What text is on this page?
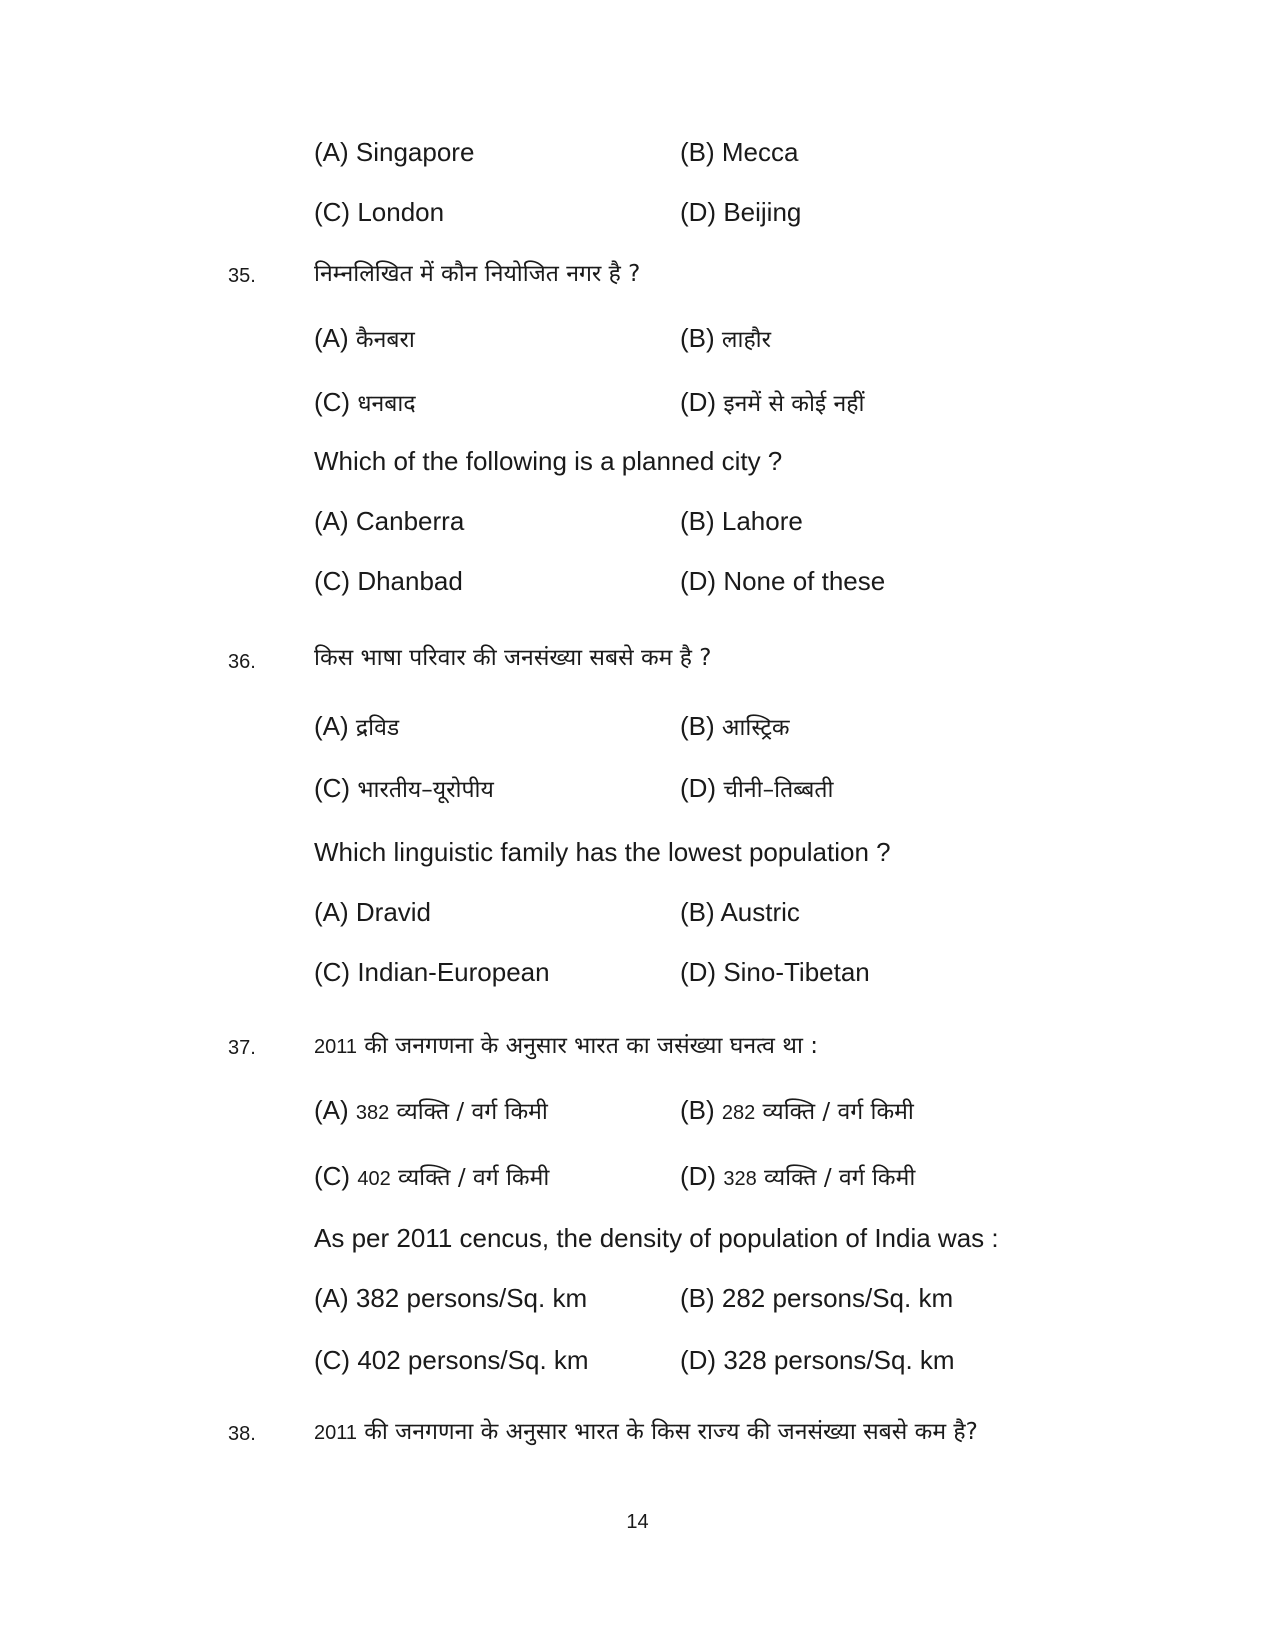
(A) Singapore	(B) Mecca
(C) London	(D) Beijing
35.	निम्नलिखित में कौन नियोजित नगर है ?
(A) कैनबरा	(B) लाहौर
(C) धनबाद	(D) इनमें से कोई नहीं
Which of the following is a planned city ?
(A) Canberra	(B) Lahore
(C) Dhanbad	(D) None of these
36.	किस भाषा परिवार की जनसंख्या सबसे कम है ?
(A) द्रविड	(B) आस्ट्रिक
(C) भारतीय–यूरोपीय	(D) चीनी–तिब्बती
Which linguistic family has the lowest population ?
(A) Dravid	(B) Austric
(C) Indian-European	(D) Sino-Tibetan
37.	2011 की जनगणना के अनुसार भारत का जसंख्या घनत्व था :
(A) 382 व्यक्ति / वर्ग किमी	(B) 282 व्यक्ति / वर्ग किमी
(C) 402 व्यक्ति / वर्ग किमी	(D) 328 व्यक्ति / वर्ग किमी
As per 2011 cencus, the density of population of India was :
(A) 382 persons/Sq. km	(B) 282 persons/Sq. km
(C) 402 persons/Sq. km	(D) 328 persons/Sq. km
38.	2011 की जनगणना के अनुसार भारत के किस राज्य की जनसंख्या सबसे कम है?
14
